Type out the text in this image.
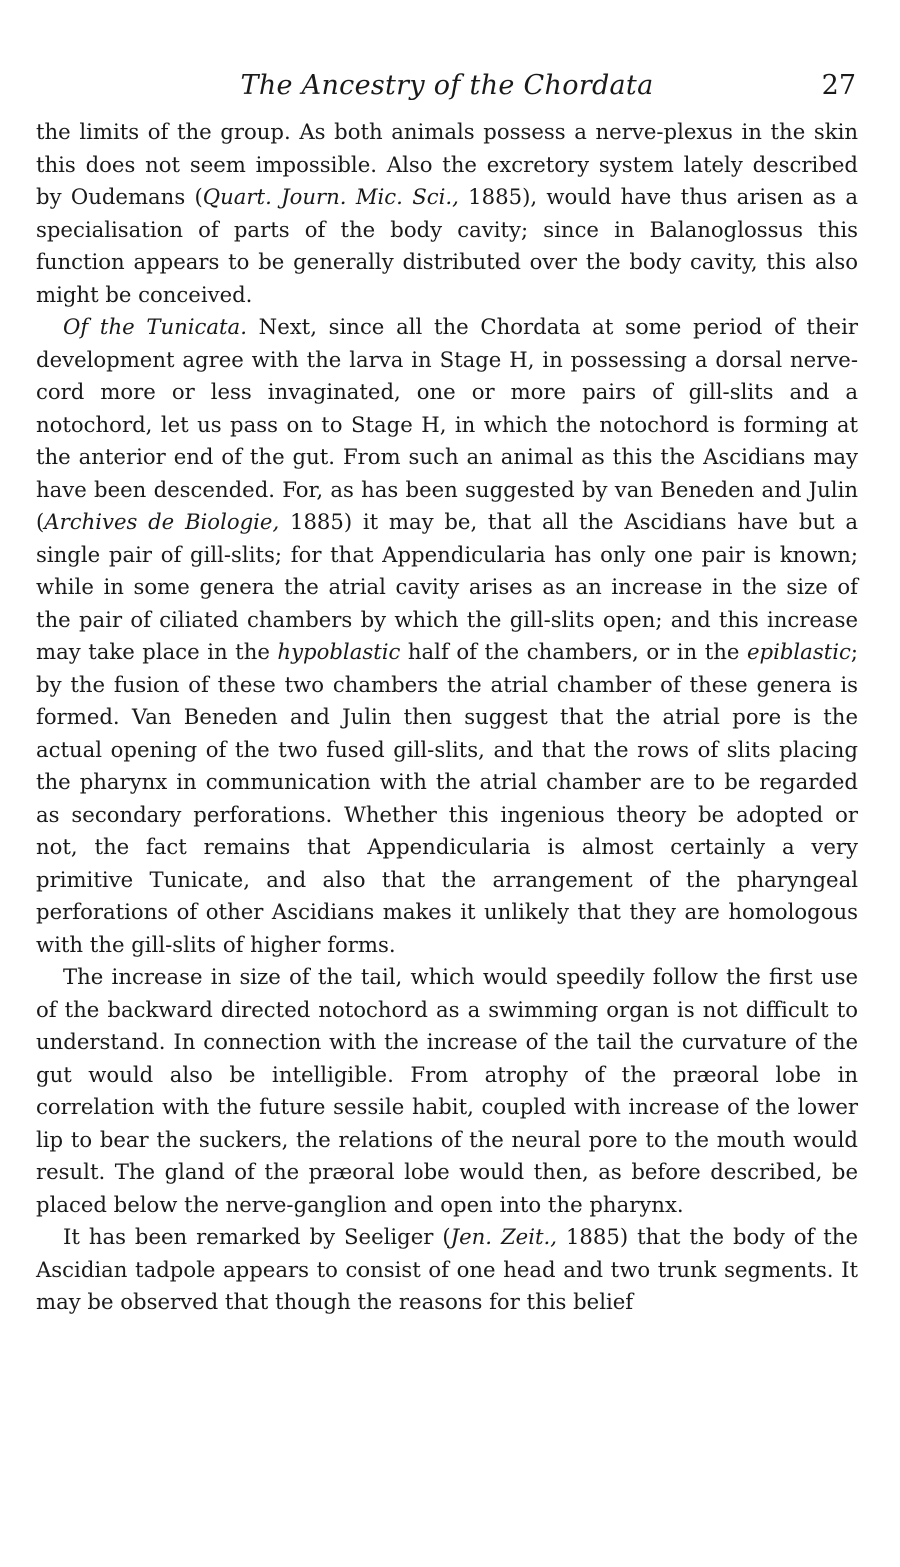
The Ancestry of the Chordata	27

the limits of the group. As both animals possess a nerve-plexus in the skin this does not seem impossible. Also the excretory system lately described by Oudemans (Quart. Journ. Mic. Sci., 1885), would have thus arisen as a specialisation of parts of the body cavity; since in Balanoglossus this function appears to be generally distributed over the body cavity, this also might be conceived.

Of the Tunicata. Next, since all the Chordata at some period of their development agree with the larva in Stage H, in possessing a dorsal nerve-cord more or less invaginated, one or more pairs of gill-slits and a notochord, let us pass on to Stage H, in which the notochord is forming at the anterior end of the gut. From such an animal as this the Ascidians may have been descended. For, as has been suggested by van Beneden and Julin (Archives de Biologie, 1885) it may be, that all the Ascidians have but a single pair of gill-slits; for that Appendicularia has only one pair is known; while in some genera the atrial cavity arises as an increase in the size of the pair of ciliated chambers by which the gill-slits open; and this increase may take place in the hypoblastic half of the chambers, or in the epiblastic; by the fusion of these two chambers the atrial chamber of these genera is formed. Van Beneden and Julin then suggest that the atrial pore is the actual opening of the two fused gill-slits, and that the rows of slits placing the pharynx in communication with the atrial chamber are to be regarded as secondary perforations. Whether this ingenious theory be adopted or not, the fact remains that Appendicularia is almost certainly a very primitive Tunicate, and also that the arrangement of the pharyngeal perforations of other Ascidians makes it unlikely that they are homologous with the gill-slits of higher forms.

The increase in size of the tail, which would speedily follow the first use of the backward directed notochord as a swimming organ is not difficult to understand. In connection with the increase of the tail the curvature of the gut would also be intelligible. From atrophy of the præoral lobe in correlation with the future sessile habit, coupled with increase of the lower lip to bear the suckers, the relations of the neural pore to the mouth would result. The gland of the præoral lobe would then, as before described, be placed below the nerve-ganglion and open into the pharynx.

It has been remarked by Seeliger (Jen. Zeit., 1885) that the body of the Ascidian tadpole appears to consist of one head and two trunk segments. It may be observed that though the reasons for this belief
